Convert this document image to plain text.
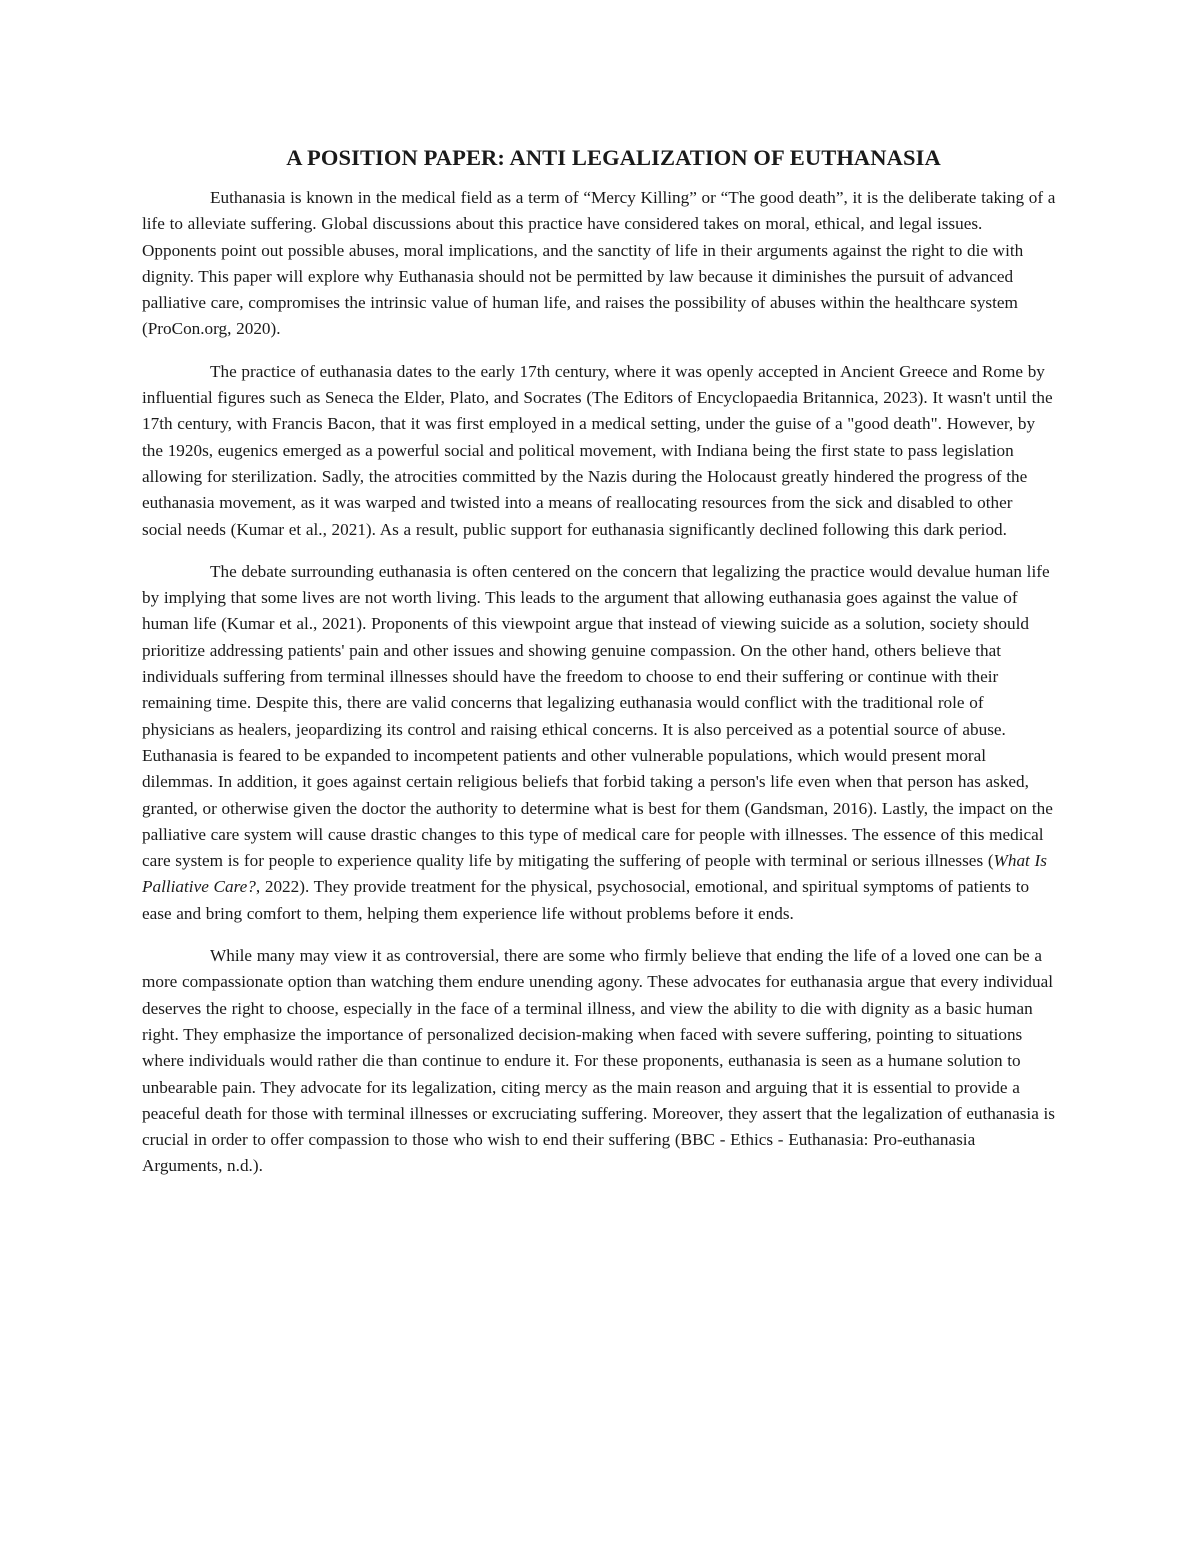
A POSITION PAPER: ANTI LEGALIZATION OF EUTHANASIA

Euthanasia is known in the medical field as a term of “Mercy Killing” or “The good death”, it is the deliberate taking of a life to alleviate suffering. Global discussions about this practice have considered takes on moral, ethical, and legal issues. Opponents point out possible abuses, moral implications, and the sanctity of life in their arguments against the right to die with dignity. This paper will explore why Euthanasia should not be permitted by law because it diminishes the pursuit of advanced palliative care, compromises the intrinsic value of human life, and raises the possibility of abuses within the healthcare system (ProCon.org, 2020).

The practice of euthanasia dates to the early 17th century, where it was openly accepted in Ancient Greece and Rome by influential figures such as Seneca the Elder, Plato, and Socrates (The Editors of Encyclopaedia Britannica, 2023). It wasn't until the 17th century, with Francis Bacon, that it was first employed in a medical setting, under the guise of a "good death". However, by the 1920s, eugenics emerged as a powerful social and political movement, with Indiana being the first state to pass legislation allowing for sterilization. Sadly, the atrocities committed by the Nazis during the Holocaust greatly hindered the progress of the euthanasia movement, as it was warped and twisted into a means of reallocating resources from the sick and disabled to other social needs (Kumar et al., 2021). As a result, public support for euthanasia significantly declined following this dark period.

The debate surrounding euthanasia is often centered on the concern that legalizing the practice would devalue human life by implying that some lives are not worth living. This leads to the argument that allowing euthanasia goes against the value of human life (Kumar et al., 2021). Proponents of this viewpoint argue that instead of viewing suicide as a solution, society should prioritize addressing patients' pain and other issues and showing genuine compassion. On the other hand, others believe that individuals suffering from terminal illnesses should have the freedom to choose to end their suffering or continue with their remaining time. Despite this, there are valid concerns that legalizing euthanasia would conflict with the traditional role of physicians as healers, jeopardizing its control and raising ethical concerns. It is also perceived as a potential source of abuse. Euthanasia is feared to be expanded to incompetent patients and other vulnerable populations, which would present moral dilemmas. In addition, it goes against certain religious beliefs that forbid taking a person's life even when that person has asked, granted, or otherwise given the doctor the authority to determine what is best for them (Gandsman, 2016). Lastly, the impact on the palliative care system will cause drastic changes to this type of medical care for people with illnesses. The essence of this medical care system is for people to experience quality life by mitigating the suffering of people with terminal or serious illnesses (What Is Palliative Care?, 2022). They provide treatment for the physical, psychosocial, emotional, and spiritual symptoms of patients to ease and bring comfort to them, helping them experience life without problems before it ends.

While many may view it as controversial, there are some who firmly believe that ending the life of a loved one can be a more compassionate option than watching them endure unending agony. These advocates for euthanasia argue that every individual deserves the right to choose, especially in the face of a terminal illness, and view the ability to die with dignity as a basic human right. They emphasize the importance of personalized decision-making when faced with severe suffering, pointing to situations where individuals would rather die than continue to endure it. For these proponents, euthanasia is seen as a humane solution to unbearable pain. They advocate for its legalization, citing mercy as the main reason and arguing that it is essential to provide a peaceful death for those with terminal illnesses or excruciating suffering. Moreover, they assert that the legalization of euthanasia is crucial in order to offer compassion to those who wish to end their suffering (BBC - Ethics - Euthanasia: Pro-euthanasia Arguments, n.d.).
